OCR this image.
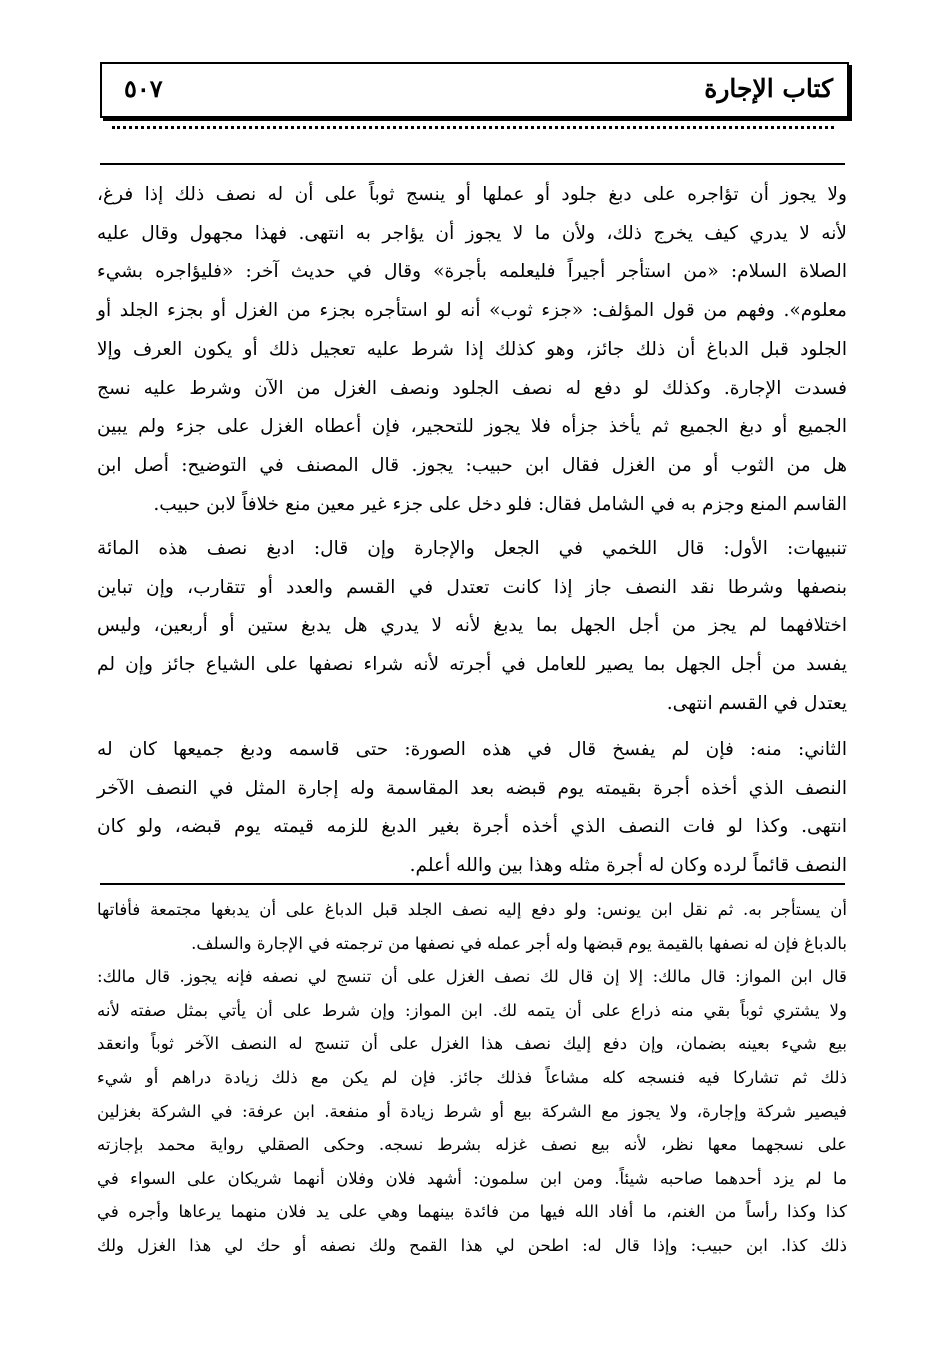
كتاب الإجارة
٥٠٧
ولا يجوز أن تؤاجره على دبغ جلود أو عملها أو ينسج ثوباً على أن له نصف ذلك إذا فرغ،
لأنه لا يدري كيف يخرج ذلك، ولأن ما لا يجوز أن يؤاجر به انتهى. فهذا مجهول وقال عليه
الصلاة السلام: «من استأجر أجيراً فليعلمه بأجرة» وقال في حديث آخر: «فليؤاجره بشيء
معلوم». وفهم من قول المؤلف: «جزء ثوب» أنه لو استأجره بجزء من الغزل أو بجزء الجلد أو
الجلود قبل الدباغ أن ذلك جائز، وهو كذلك إذا شرط عليه تعجيل ذلك أو يكون العرف وإلا
فسدت الإجارة. وكذلك لو دفع له نصف الجلود ونصف الغزل من الآن وشرط عليه نسج
الجميع أو دبغ الجميع ثم يأخذ جزأه فلا يجوز للتحجير، فإن أعطاه الغزل على جزء ولم يبين
هل من الثوب أو من الغزل فقال ابن حبيب: يجوز. قال المصنف في التوضيح: أصل ابن
القاسم المنع وجزم به في الشامل فقال: فلو دخل على جزء غير معين منع خلافاً لابن حبيب.
تنبيهات: الأول: قال اللخمي في الجعل والإجارة وإن قال: ادبغ نصف هذه المائة
بنصفها وشرطا نقد النصف جاز إذا كانت تعتدل في القسم والعدد أو تتقارب، وإن تباين
اختلافهما لم يجز من أجل الجهل بما يدبغ لأنه لا يدري هل يدبغ ستين أو أربعين، وليس
يفسد من أجل الجهل بما يصير للعامل في أجرته لأنه شراء نصفها على الشياع جائز وإن لم
يعتدل في القسم انتهى.
الثاني: منه: فإن لم يفسخ قال في هذه الصورة: حتى قاسمه ودبغ جميعها كان له
النصف الذي أخذه أجرة بقيمته يوم قبضه بعد المقاسمة وله إجارة المثل في النصف الآخر
انتهى. وكذا لو فات النصف الذي أخذه أجرة بغير الدبغ للزمه قيمته يوم قبضه، ولو كان
النصف قائماً لرده وكان له أجرة مثله وهذا بين والله أعلم.
أن يستأجر به. ثم نقل ابن يونس: ولو دفع إليه نصف الجلد قبل الدباغ على أن يدبغها مجتمعة فأفاتها
بالدباغ فإن له نصفها بالقيمة يوم قبضها وله أجر عمله في نصفها من ترجمته في الإجارة والسلف.
قال ابن المواز: قال مالك: إلا إن قال لك نصف الغزل على أن تنسج لي نصفه فإنه يجوز. قال مالك:
ولا يشتري ثوباً بقي منه ذراع على أن يتمه لك. ابن المواز: وإن شرط على أن يأتي بمثل صفته لأنه
بيع شيء بعينه بضمان، وإن دفع إليك نصف هذا الغزل على أن تنسج له النصف الآخر ثوباً وانعقد
ذلك ثم تشاركا فيه فنسجه كله مشاعاً فذلك جائز. فإن لم يكن مع ذلك زيادة دراهم أو شيء
فيصير شركة وإجارة، ولا يجوز مع الشركة بيع أو شرط زيادة أو منفعة. ابن عرفة: في الشركة بغزلين
على نسجهما معها نظر، لأنه بيع نصف غزله بشرط نسجه. وحكى الصقلي رواية محمد بإجازته
ما لم يزد أحدهما صاحبه شيئاً. ومن ابن سلمون: أشهد فلان وفلان أنهما شريكان على السواء في
كذا وكذا رأساً من الغنم، ما أفاد الله فيها من فائدة بينهما وهي على يد فلان منهما يرعاها وأجره في
ذلك كذا. ابن حبيب: وإذا قال له: اطحن لي هذا القمح ولك نصفه أو حك لي هذا الغزل ولك
